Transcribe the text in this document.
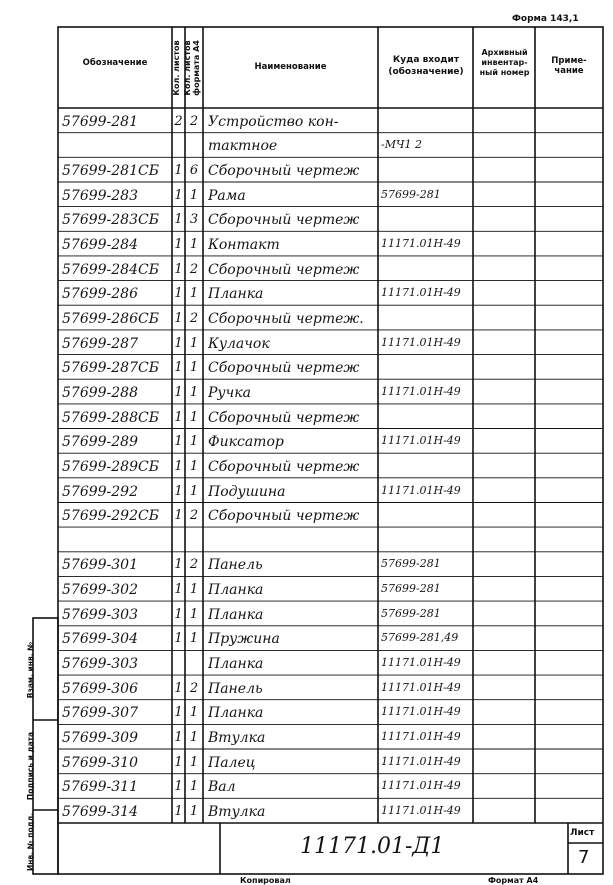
Форма 143,1
Обозначение	Кол. листов Кол. листов формата А4	Наименование
Куда входит (обозначение)
Архивный инвентар- ный номер
Приме- чание
57699-281	2 2 Устройство кон-
тактное	-МЧ1 2
57699-281СБ	1 6 Сборочный чертеж
57699-283	1 1 Рама	57699-281
57699-283СБ	1 3 Сборочный чертеж
57699-284	1 1 Контакт	11171.01Н-49
57699-284СБ	1 2 Сборочный чертеж
57699-286	1 1 Планка	11171.01Н-49
57699-286СБ	1 2 Сборочный чертеж.
57699-287	1 1 Кулачок	11171.01Н-49
57699-287СБ	1 1 Сборочный чертеж
57699-288	1 1 Ручка	11171.01Н-49
57699-288СБ	1 1 Сборочный чертеж
57699-289	1 1 Фиксатор	11171.01Н-49
57699-289СБ	1 1 Сборочный чертеж
57699-292	1 1 Подушина	11171.01Н-49
57699-292СБ	1 2 Сборочный чертеж
57699-301	1 2 Панель	57699-281
57699-302	1 1 Планка	57699-281
57699-303	1 1 Планка	57699-281
57699-304	1 1 Пружина	57699-281,49
57699-303	Планка	11171.01Н-49
57699-306	1 2 Панель	11171.01Н-49
57699-307	1 1 Планка	11171.01Н-49
57699-309	1 1 Втулка	11171.01Н-49
57699-310	1 1 Палец	11171.01Н-49
57699-311	1 1 Вал	11171.01Н-49
57699-314	1 1 Втулка	11171.01Н-49
11171.01-Д1
Лист
7
Копировал	Формат А4
Инв. № подл.
Подпись и дата
Взам. инв. №
